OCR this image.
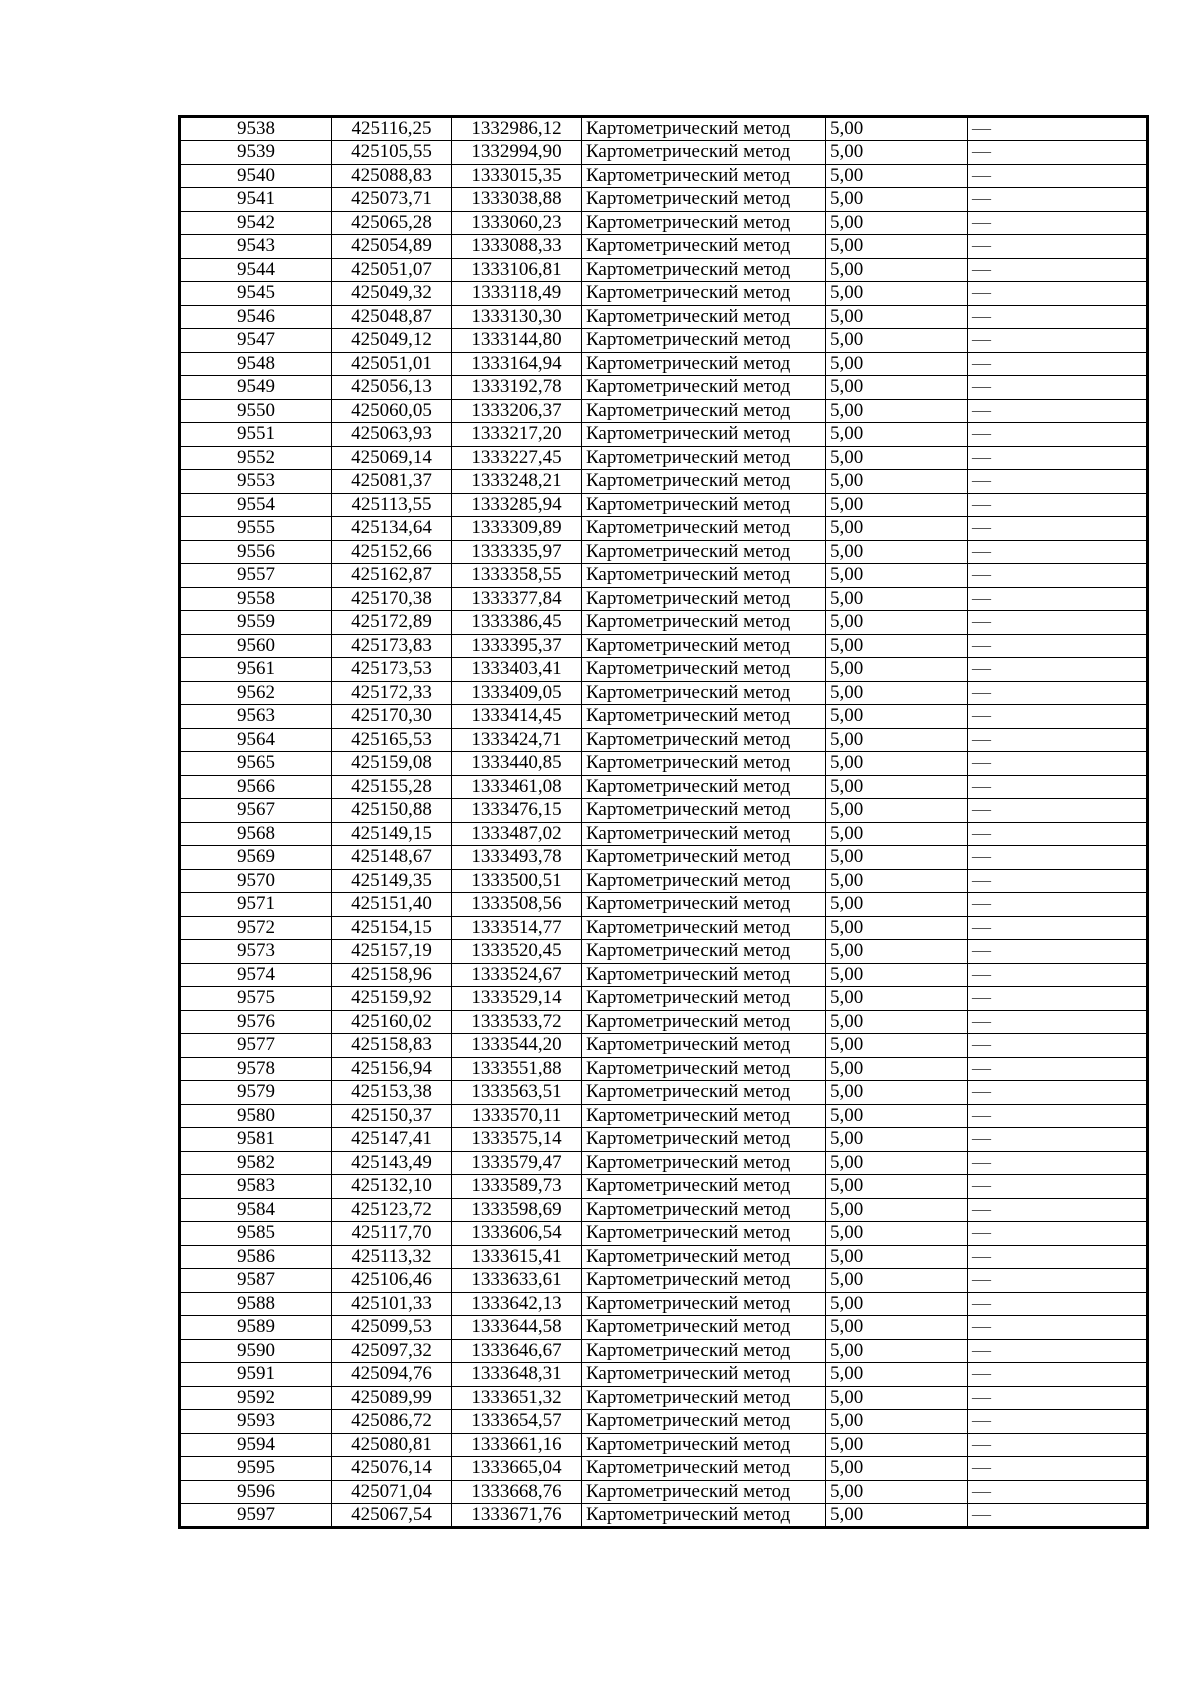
9538	425116,25	1332986,12	Картометрический метод	5,00	—
9539	425105,55	1332994,90	Картометрический метод	5,00	—
9540	425088,83	1333015,35	Картометрический метод	5,00	—
9541	425073,71	1333038,88	Картометрический метод	5,00	—
9542	425065,28	1333060,23	Картометрический метод	5,00	—
9543	425054,89	1333088,33	Картометрический метод	5,00	—
9544	425051,07	1333106,81	Картометрический метод	5,00	—
9545	425049,32	1333118,49	Картометрический метод	5,00	—
9546	425048,87	1333130,30	Картометрический метод	5,00	—
9547	425049,12	1333144,80	Картометрический метод	5,00	—
9548	425051,01	1333164,94	Картометрический метод	5,00	—
9549	425056,13	1333192,78	Картометрический метод	5,00	—
9550	425060,05	1333206,37	Картометрический метод	5,00	—
9551	425063,93	1333217,20	Картометрический метод	5,00	—
9552	425069,14	1333227,45	Картометрический метод	5,00	—
9553	425081,37	1333248,21	Картометрический метод	5,00	—
9554	425113,55	1333285,94	Картометрический метод	5,00	—
9555	425134,64	1333309,89	Картометрический метод	5,00	—
9556	425152,66	1333335,97	Картометрический метод	5,00	—
9557	425162,87	1333358,55	Картометрический метод	5,00	—
9558	425170,38	1333377,84	Картометрический метод	5,00	—
9559	425172,89	1333386,45	Картометрический метод	5,00	—
9560	425173,83	1333395,37	Картометрический метод	5,00	—
9561	425173,53	1333403,41	Картометрический метод	5,00	—
9562	425172,33	1333409,05	Картометрический метод	5,00	—
9563	425170,30	1333414,45	Картометрический метод	5,00	—
9564	425165,53	1333424,71	Картометрический метод	5,00	—
9565	425159,08	1333440,85	Картометрический метод	5,00	—
9566	425155,28	1333461,08	Картометрический метод	5,00	—
9567	425150,88	1333476,15	Картометрический метод	5,00	—
9568	425149,15	1333487,02	Картометрический метод	5,00	—
9569	425148,67	1333493,78	Картометрический метод	5,00	—
9570	425149,35	1333500,51	Картометрический метод	5,00	—
9571	425151,40	1333508,56	Картометрический метод	5,00	—
9572	425154,15	1333514,77	Картометрический метод	5,00	—
9573	425157,19	1333520,45	Картометрический метод	5,00	—
9574	425158,96	1333524,67	Картометрический метод	5,00	—
9575	425159,92	1333529,14	Картометрический метод	5,00	—
9576	425160,02	1333533,72	Картометрический метод	5,00	—
9577	425158,83	1333544,20	Картометрический метод	5,00	—
9578	425156,94	1333551,88	Картометрический метод	5,00	—
9579	425153,38	1333563,51	Картометрический метод	5,00	—
9580	425150,37	1333570,11	Картометрический метод	5,00	—
9581	425147,41	1333575,14	Картометрический метод	5,00	—
9582	425143,49	1333579,47	Картометрический метод	5,00	—
9583	425132,10	1333589,73	Картометрический метод	5,00	—
9584	425123,72	1333598,69	Картометрический метод	5,00	—
9585	425117,70	1333606,54	Картометрический метод	5,00	—
9586	425113,32	1333615,41	Картометрический метод	5,00	—
9587	425106,46	1333633,61	Картометрический метод	5,00	—
9588	425101,33	1333642,13	Картометрический метод	5,00	—
9589	425099,53	1333644,58	Картометрический метод	5,00	—
9590	425097,32	1333646,67	Картометрический метод	5,00	—
9591	425094,76	1333648,31	Картометрический метод	5,00	—
9592	425089,99	1333651,32	Картометрический метод	5,00	—
9593	425086,72	1333654,57	Картометрический метод	5,00	—
9594	425080,81	1333661,16	Картометрический метод	5,00	—
9595	425076,14	1333665,04	Картометрический метод	5,00	—
9596	425071,04	1333668,76	Картометрический метод	5,00	—
9597	425067,54	1333671,76	Картометрический метод	5,00	—
